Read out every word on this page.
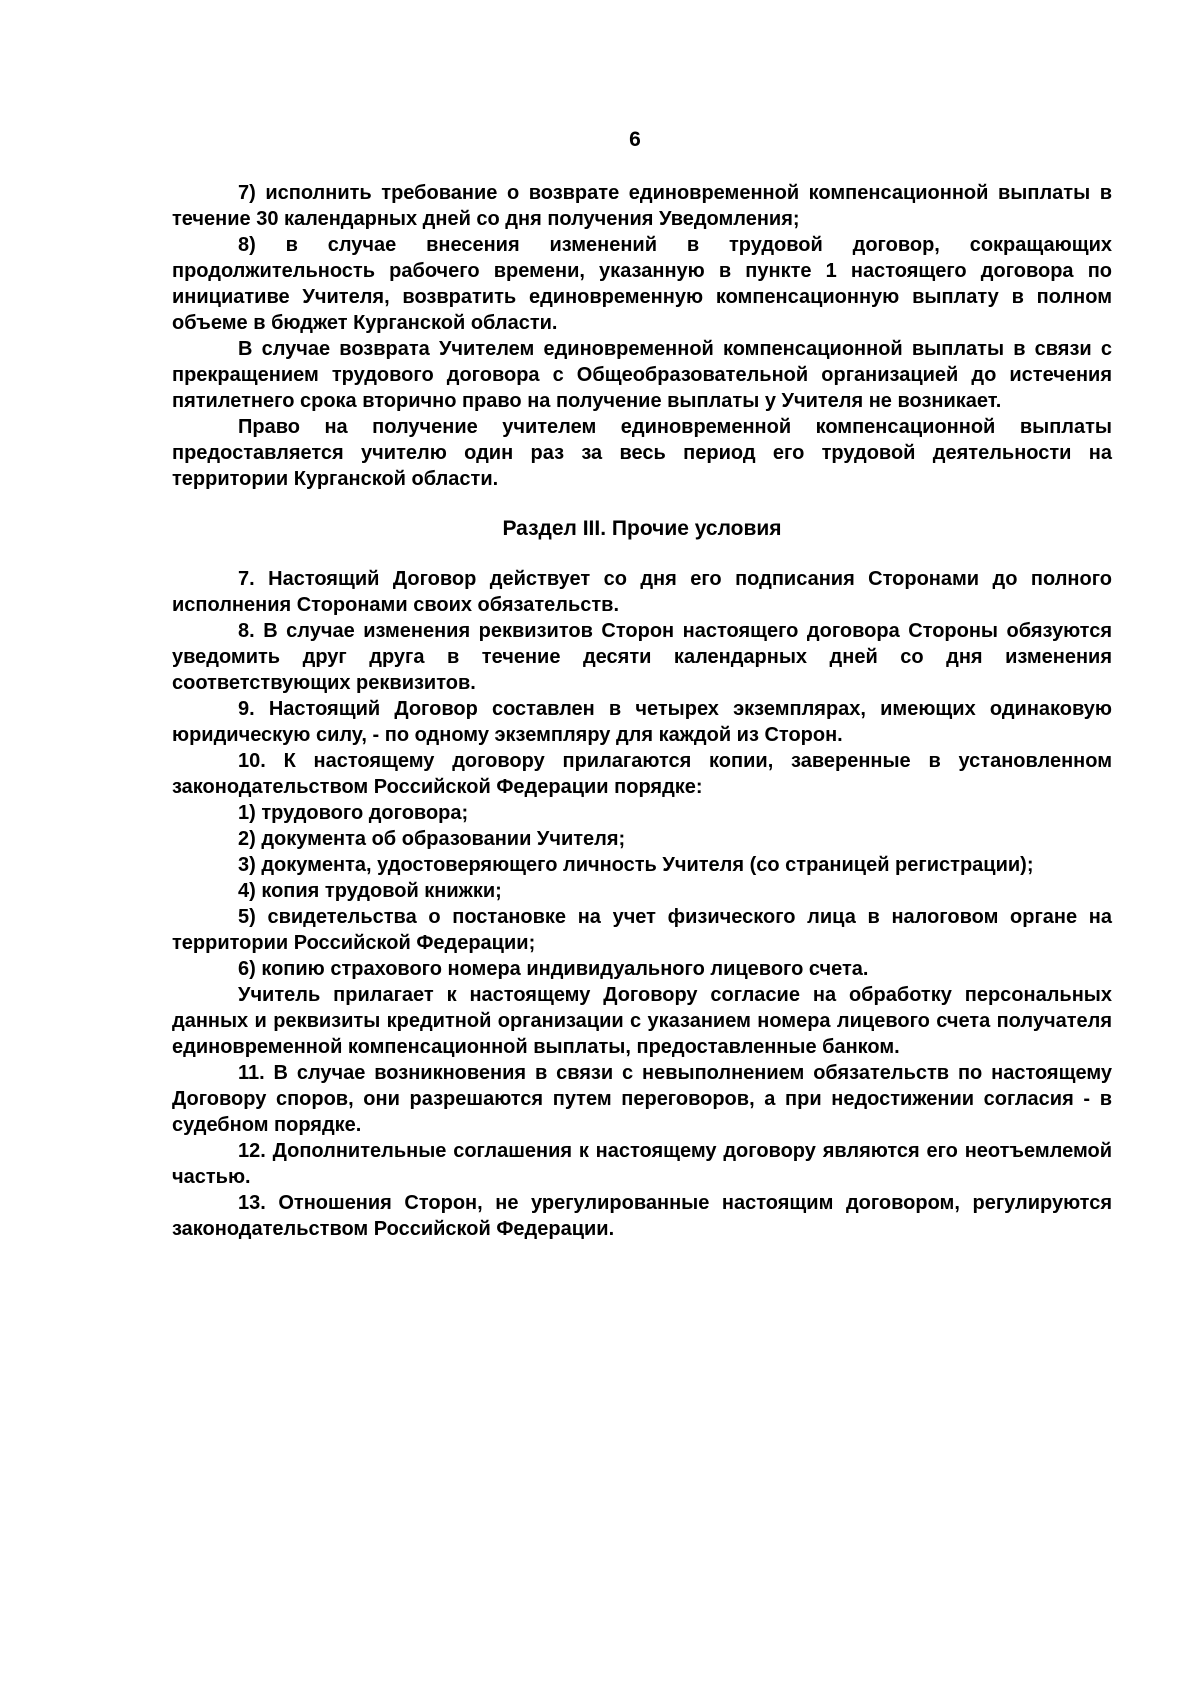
6

7) исполнить требование о возврате единовременной компенсационной выплаты в течение 30 календарных дней со дня получения Уведомления;

8) в случае внесения изменений в трудовой договор, сокращающих продолжительность рабочего времени, указанную в пункте 1 настоящего договора по инициативе Учителя, возвратить единовременную компенсационную выплату в полном объеме в бюджет Курганской области.

В случае возврата Учителем единовременной компенсационной выплаты в связи с прекращением трудового договора с Общеобразовательной организацией до истечения пятилетнего срока вторично право на получение выплаты у Учителя не возникает.

Право на получение учителем единовременной компенсационной выплаты предоставляется учителю один раз за весь период его трудовой деятельности на территории Курганской области.

Раздел III. Прочие условия

7. Настоящий Договор действует со дня его подписания Сторонами до полного исполнения Сторонами своих обязательств.

8. В случае изменения реквизитов Сторон настоящего договора Стороны обязуются уведомить друг друга в течение десяти календарных дней со дня изменения соответствующих реквизитов.

9. Настоящий Договор составлен в четырех экземплярах, имеющих одинаковую юридическую силу, - по одному экземпляру для каждой из Сторон.

10. К настоящему договору прилагаются копии, заверенные в установленном законодательством Российской Федерации порядке:

1) трудового договора;

2) документа об образовании Учителя;

3) документа, удостоверяющего личность Учителя (со страницей регистрации);

4) копия трудовой книжки;

5) свидетельства о постановке на учет физического лица в налоговом органе на территории Российской Федерации;

6) копию страхового номера индивидуального лицевого счета.

Учитель прилагает к настоящему Договору согласие на обработку персональных данных и реквизиты кредитной организации с указанием номера лицевого счета получателя единовременной компенсационной выплаты, предоставленные банком.

11. В случае возникновения в связи с невыполнением обязательств по настоящему Договору споров, они разрешаются путем переговоров, а при недостижении согласия - в судебном порядке.

12. Дополнительные соглашения к настоящему договору являются его неотъемлемой частью.

13. Отношения Сторон, не урегулированные настоящим договором, регулируются законодательством Российской Федерации.
